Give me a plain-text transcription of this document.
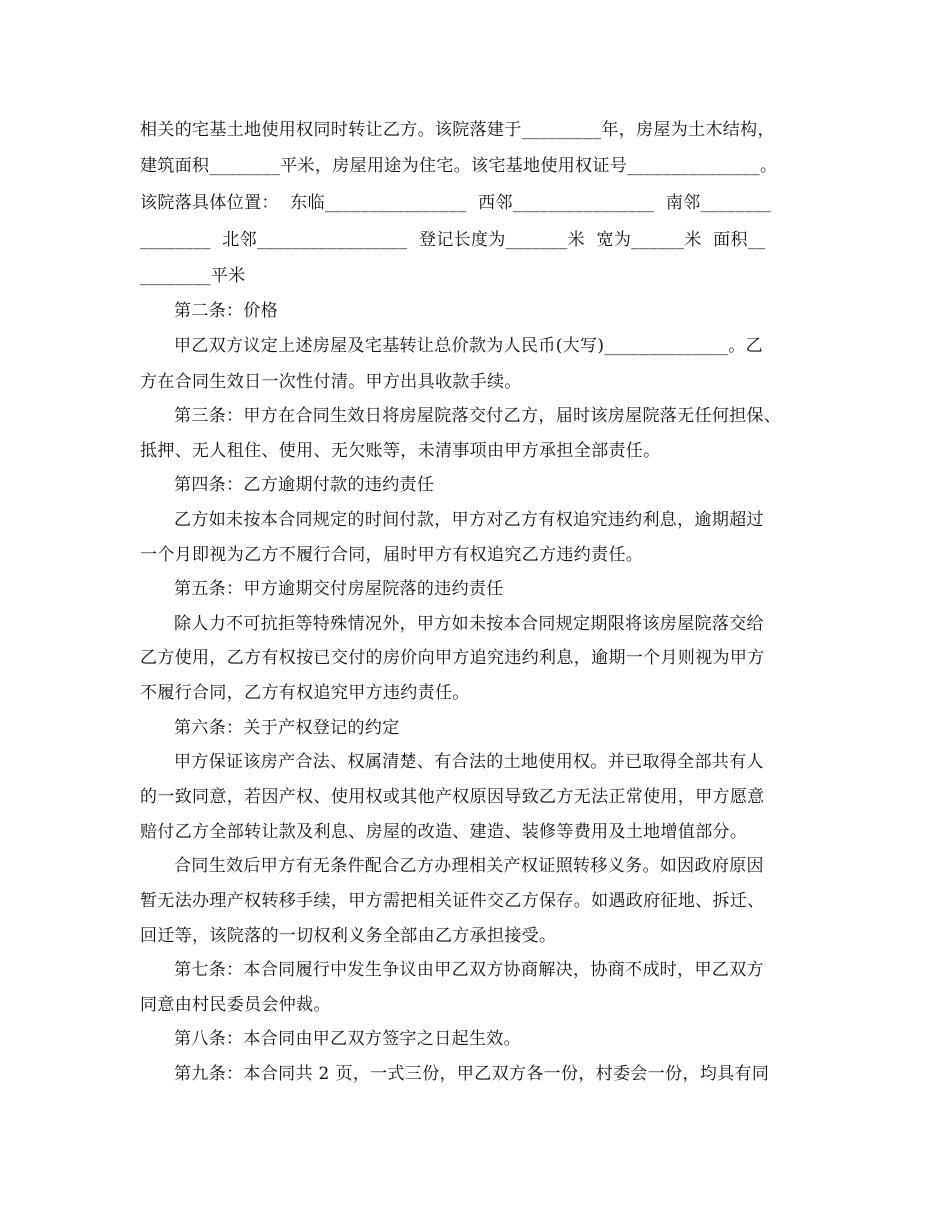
相关的宅基土地使用权同时转让乙方。该院落建于_________年，房屋为土木结构，
建筑面积________平米，房屋用途为住宅。该宅基地使用权证号_______________。
该院落具体位置：  东临________________  西邻________________  南邻________
________  北邻_________________  登记长度为_______米  宽为______米  面积__
________平米
第二条：价格
甲乙双方议定上述房屋及宅基转让总价款为人民币(大写)______________。乙
方在合同生效日一次性付清。甲方出具收款手续。
第三条：甲方在合同生效日将房屋院落交付乙方，届时该房屋院落无任何担保、
抵押、无人租住、使用、无欠账等，未清事项由甲方承担全部责任。
第四条：乙方逾期付款的违约责任
乙方如未按本合同规定的时间付款，甲方对乙方有权追究违约利息，逾期超过
一个月即视为乙方不履行合同，届时甲方有权追究乙方违约责任。
第五条：甲方逾期交付房屋院落的违约责任
除人力不可抗拒等特殊情况外，甲方如未按本合同规定期限将该房屋院落交给
乙方使用，乙方有权按已交付的房价向甲方追究违约利息，逾期一个月则视为甲方
不履行合同，乙方有权追究甲方违约责任。
第六条：关于产权登记的约定
甲方保证该房产合法、权属清楚、有合法的土地使用权。并已取得全部共有人
的一致同意，若因产权、使用权或其他产权原因导致乙方无法正常使用，甲方愿意
赔付乙方全部转让款及利息、房屋的改造、建造、装修等费用及土地增值部分。
合同生效后甲方有无条件配合乙方办理相关产权证照转移义务。如因政府原因
暂无法办理产权转移手续，甲方需把相关证件交乙方保存。如遇政府征地、拆迁、
回迁等，该院落的一切权利义务全部由乙方承担接受。
第七条：本合同履行中发生争议由甲乙双方协商解决，协商不成时，甲乙双方
同意由村民委员会仲裁。
第八条：本合同由甲乙双方签字之日起生效。
第九条：本合同共 2 页，一式三份，甲乙双方各一份，村委会一份，均具有同
